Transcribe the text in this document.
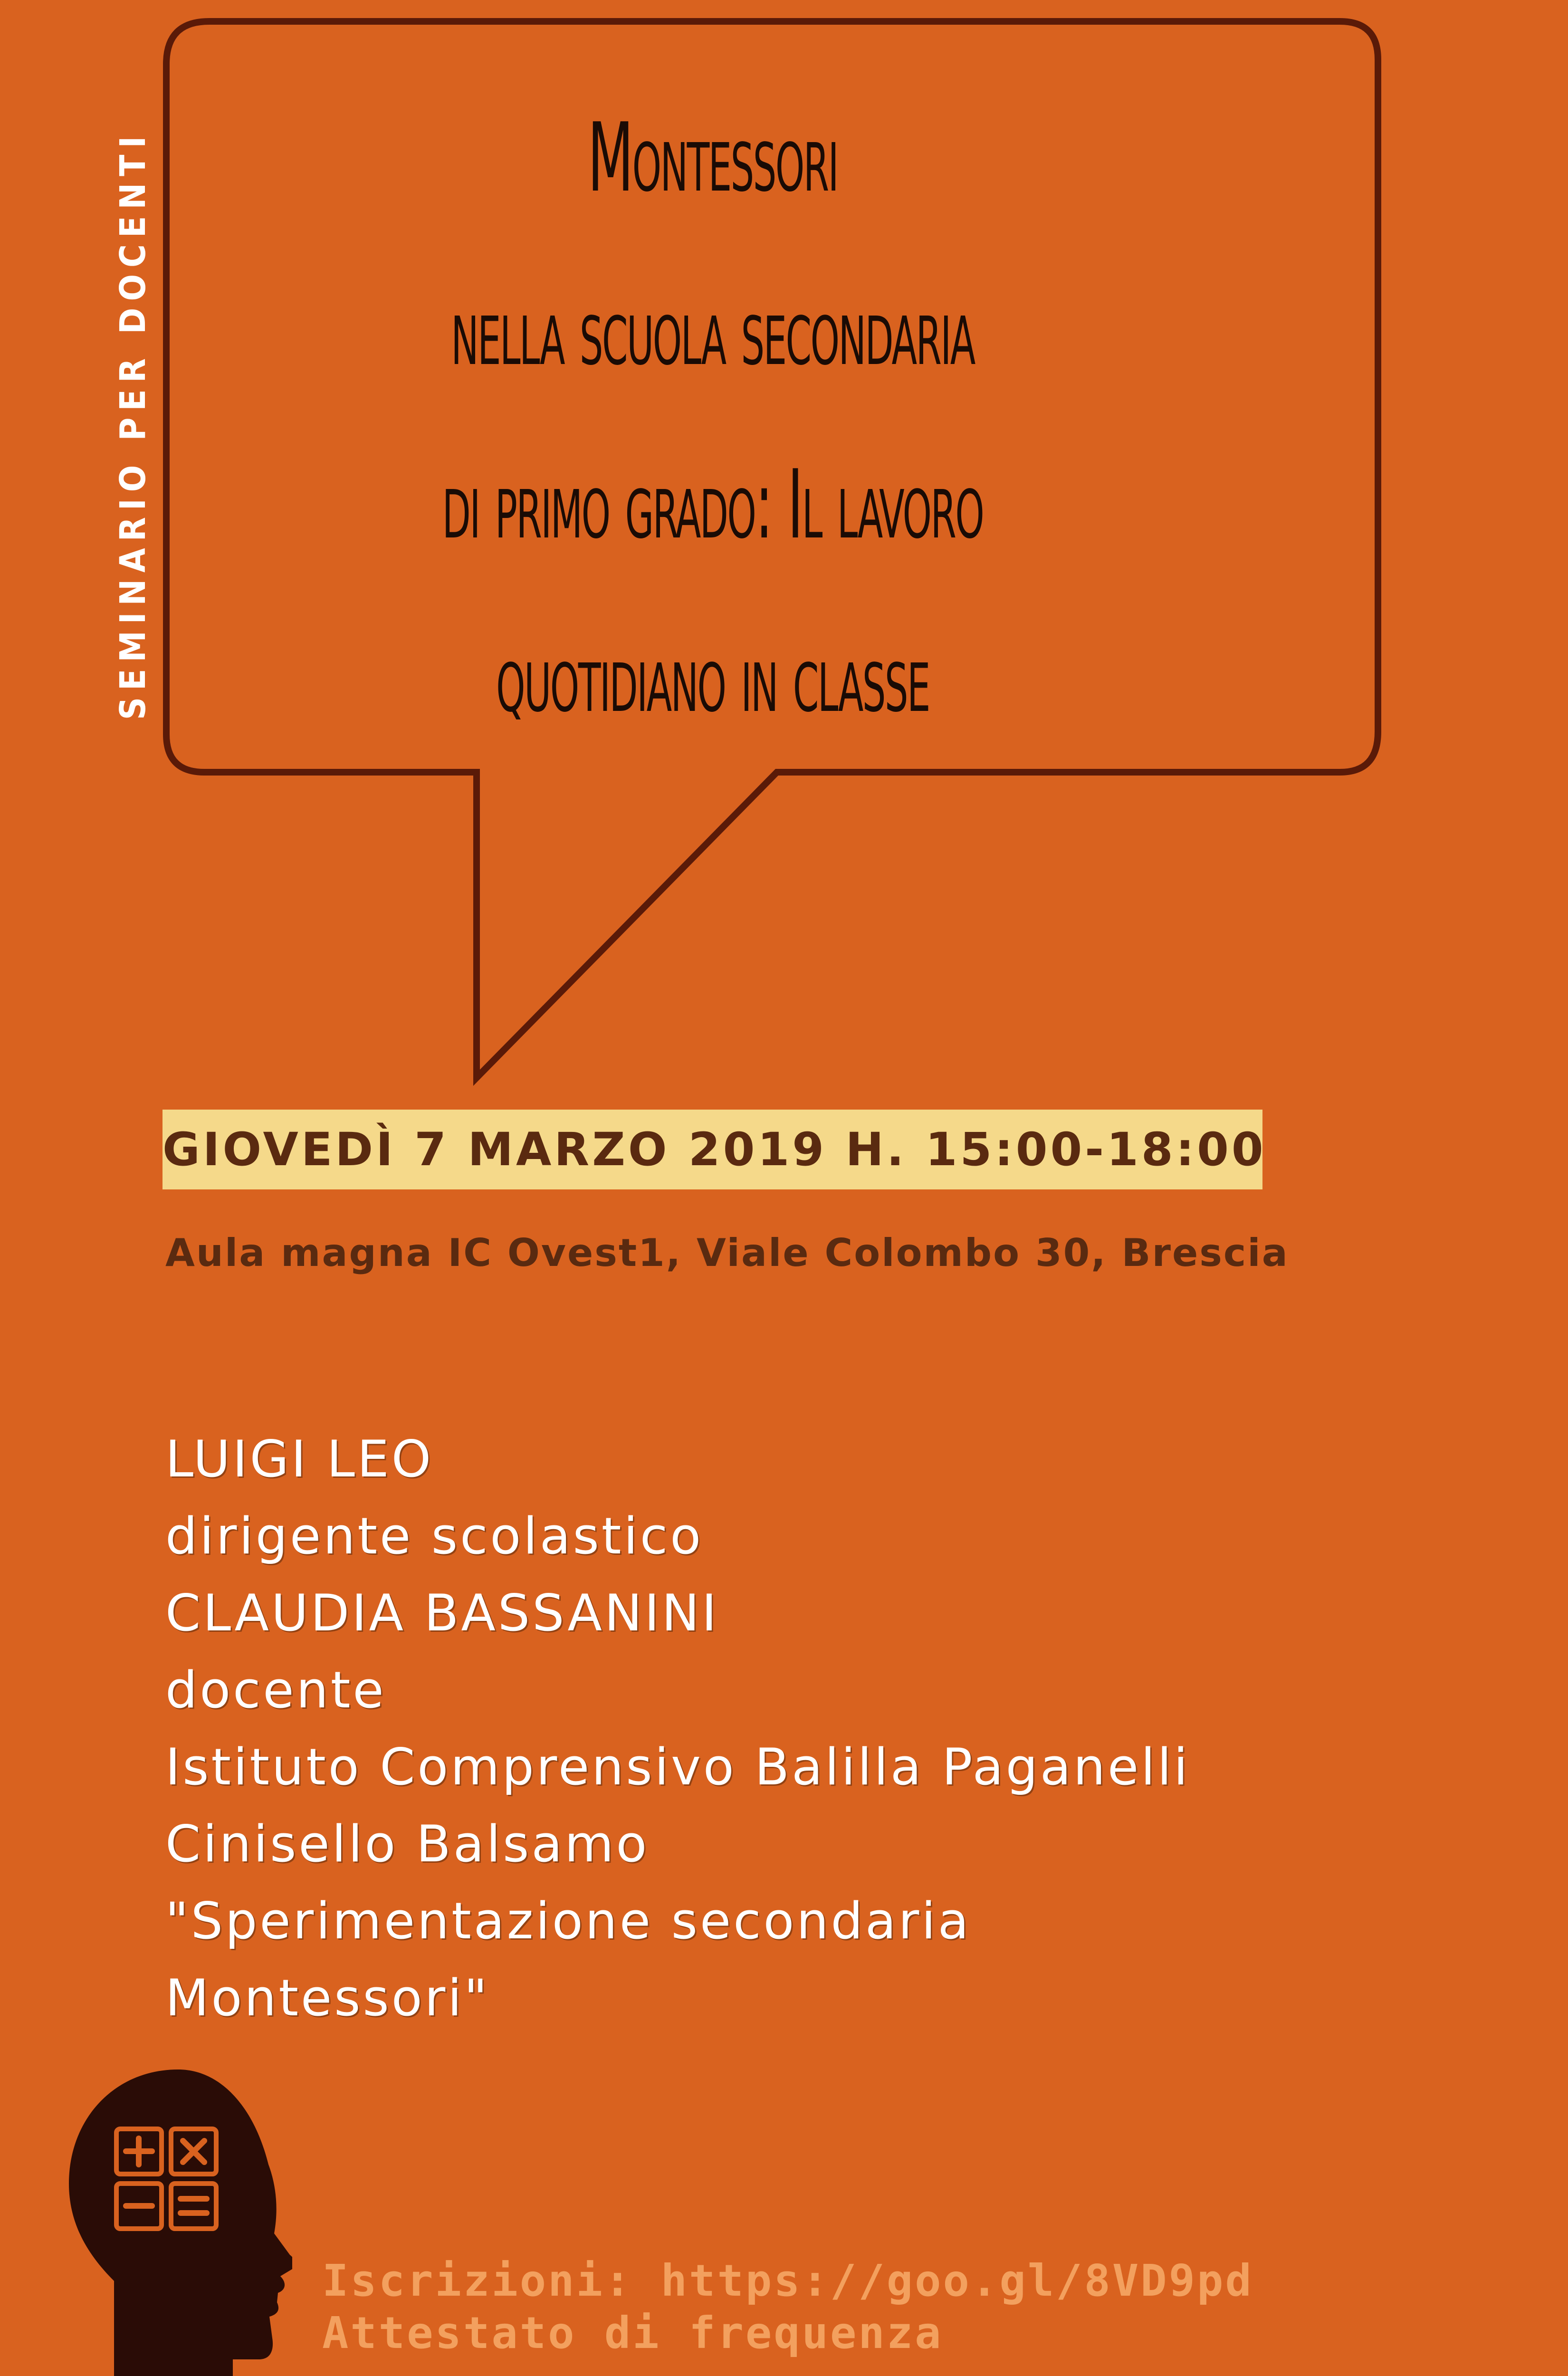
SEMINARIO PER DOCENTI	Montessori
nella scuola secondaria
di primo grado: Il lavoro
quotidiano in classe
GIOVEDÌ 7 MARZO 2019 H. 15:00-18:00
Aula magna IC Ovest1, Viale Colombo 30, Brescia
LUIGI LEO
dirigente scolastico
CLAUDIA BASSANINI
docente
Istituto Comprensivo Balilla Paganelli
Cinisello Balsamo
"Sperimentazione secondaria
Montessori"
Iscrizioni: https://goo.gl/8VD9pd
Attestato di frequenza
